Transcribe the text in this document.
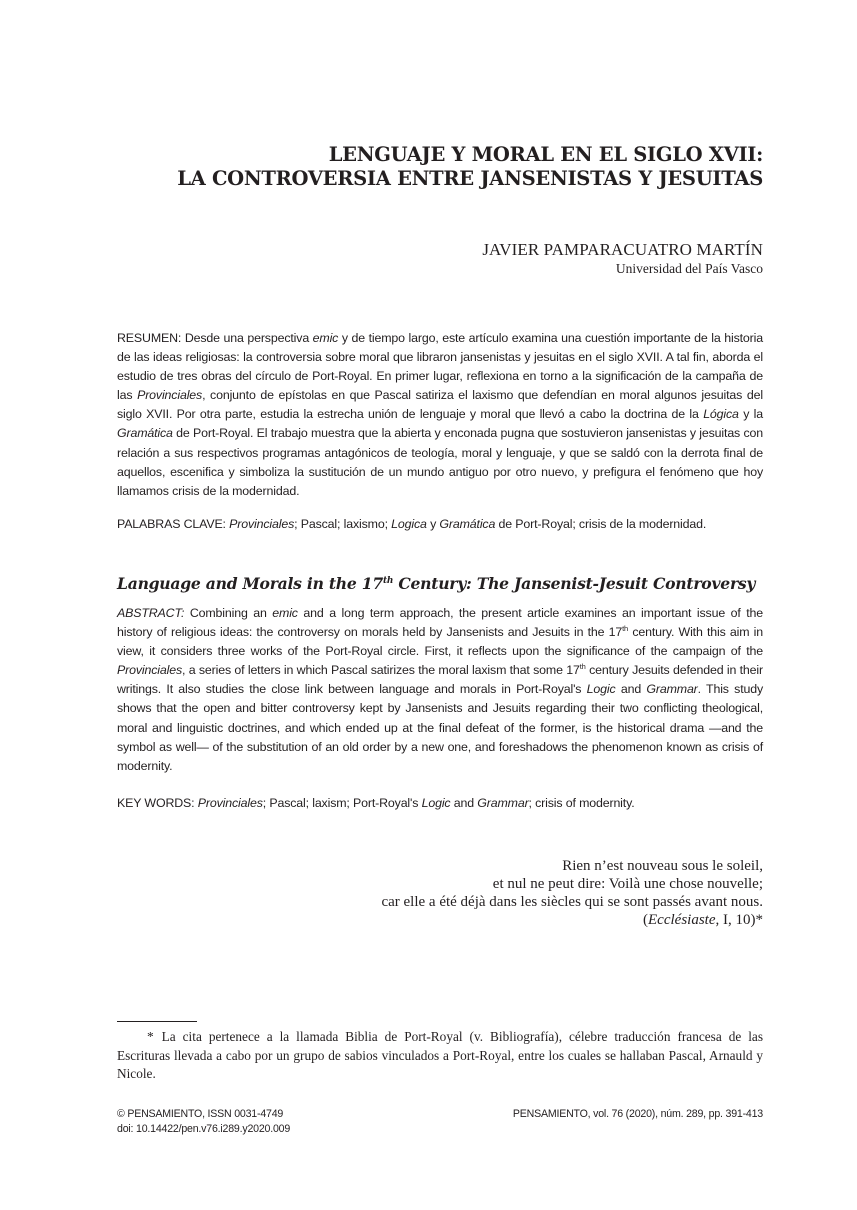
LENGUAJE Y MORAL EN EL SIGLO XVII:
LA CONTROVERSIA ENTRE JANSENISTAS Y JESUITAS
JAVIER PAMPARACUATRO MARTÍN
Universidad del País Vasco

RESUMEN: Desde una perspectiva emic y de tiempo largo, este artículo examina una cuestión importante de la historia de las ideas religiosas: la controversia sobre moral que libraron jansenistas y jesuitas en el siglo XVII. A tal fin, aborda el estudio de tres obras del círculo de Port-Royal. En primer lugar, reflexiona en torno a la significación de la campaña de las Provinciales, conjunto de epístolas en que Pascal satiriza el laxismo que defendían en moral algunos jesuitas del siglo XVII. Por otra parte, estudia la estrecha unión de lenguaje y moral que llevó a cabo la doctrina de la Lógica y la Gramática de Port-Royal. El trabajo muestra que la abierta y enconada pugna que sostuvieron jansenistas y jesuitas con relación a sus respectivos programas antagónicos de teología, moral y lenguaje, y que se saldó con la derrota final de aquellos, escenifica y simboliza la sustitución de un mundo antiguo por otro nuevo, y prefigura el fenómeno que hoy llamamos crisis de la modernidad.

PALABRAS CLAVE: Provinciales; Pascal; laxismo; Logica y Gramática de Port-Royal; crisis de la modernidad.

Language and Morals in the 17th Century: The Jansenist-Jesuit Controversy

ABSTRACT: Combining an emic and a long term approach, the present article examines an important issue of the history of religious ideas: the controversy on morals held by Jansenists and Jesuits in the 17th century. With this aim in view, it considers three works of the Port-Royal circle. First, it reflects upon the significance of the campaign of the Provinciales, a series of letters in which Pascal satirizes the moral laxism that some 17th century Jesuits defended in their writings. It also studies the close link between language and morals in Port-Royal's Logic and Grammar. This study shows that the open and bitter controversy kept by Jansenists and Jesuits regarding their two conflicting theological, moral and linguistic doctrines, and which ended up at the final defeat of the former, is the historical drama —and the symbol as well— of the substitution of an old order by a new one, and foreshadows the phenomenon known as crisis of modernity.

KEY WORDS: Provinciales; Pascal; laxism; Port-Royal's Logic and Grammar; crisis of modernity.

Rien n’est nouveau sous le soleil,
et nul ne peut dire: Voilà une chose nouvelle;
car elle a été déjà dans les siècles qui se sont passés avant nous.
(Ecclésiaste, I, 10)*

* La cita pertenece a la llamada Biblia de Port-Royal (v. Bibliografía), célebre traducción francesa de las Escrituras llevada a cabo por un grupo de sabios vinculados a Port-Royal, entre los cuales se hallaban Pascal, Arnauld y Nicole.

© PENSAMIENTO, ISSN 0031-4749
doi: 10.14422/pen.v76.i289.y2020.009
PENSAMIENTO, vol. 76 (2020), núm. 289, pp. 391-413
